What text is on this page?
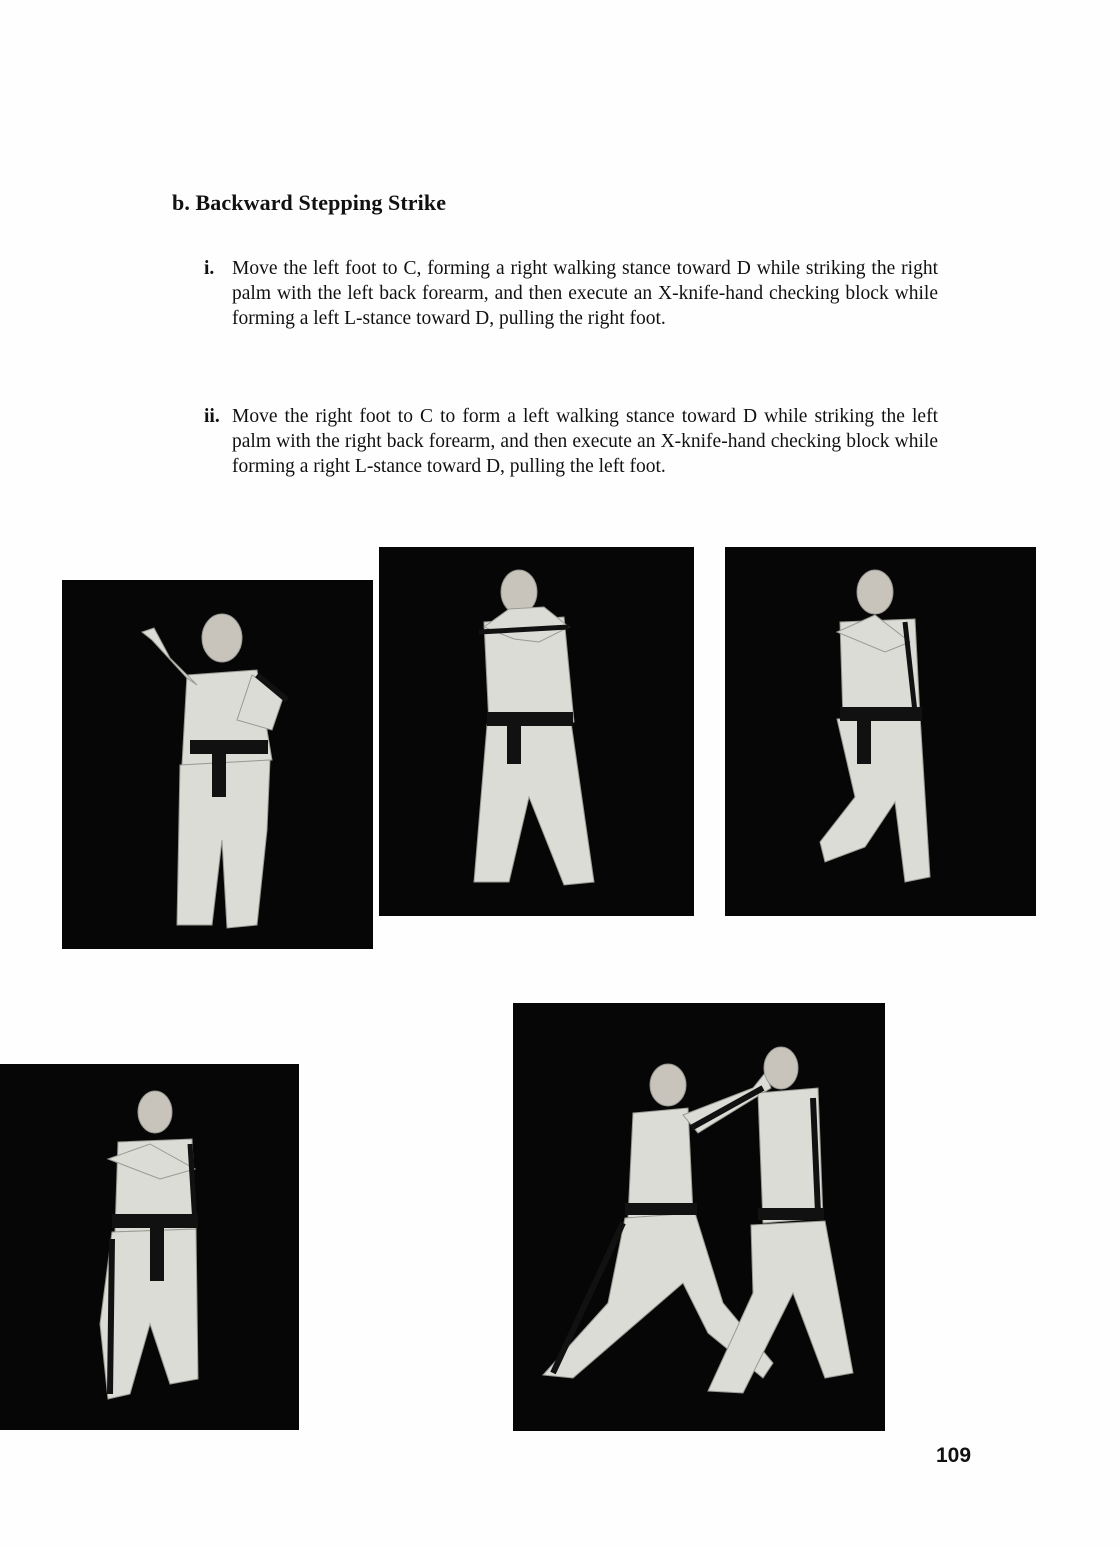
b. Backward Stepping Strike

i. Move the left foot to C, forming a right walking stance toward D while striking the right palm with the left back forearm, and then execute an X-knife-hand checking block while forming a left L-stance toward D, pulling the right foot.

ii. Move the right foot to C to form a left walking stance toward D while striking the left palm with the right back forearm, and then execute an X-knife-hand checking block while forming a right L-stance toward D, pulling the left foot.

109
